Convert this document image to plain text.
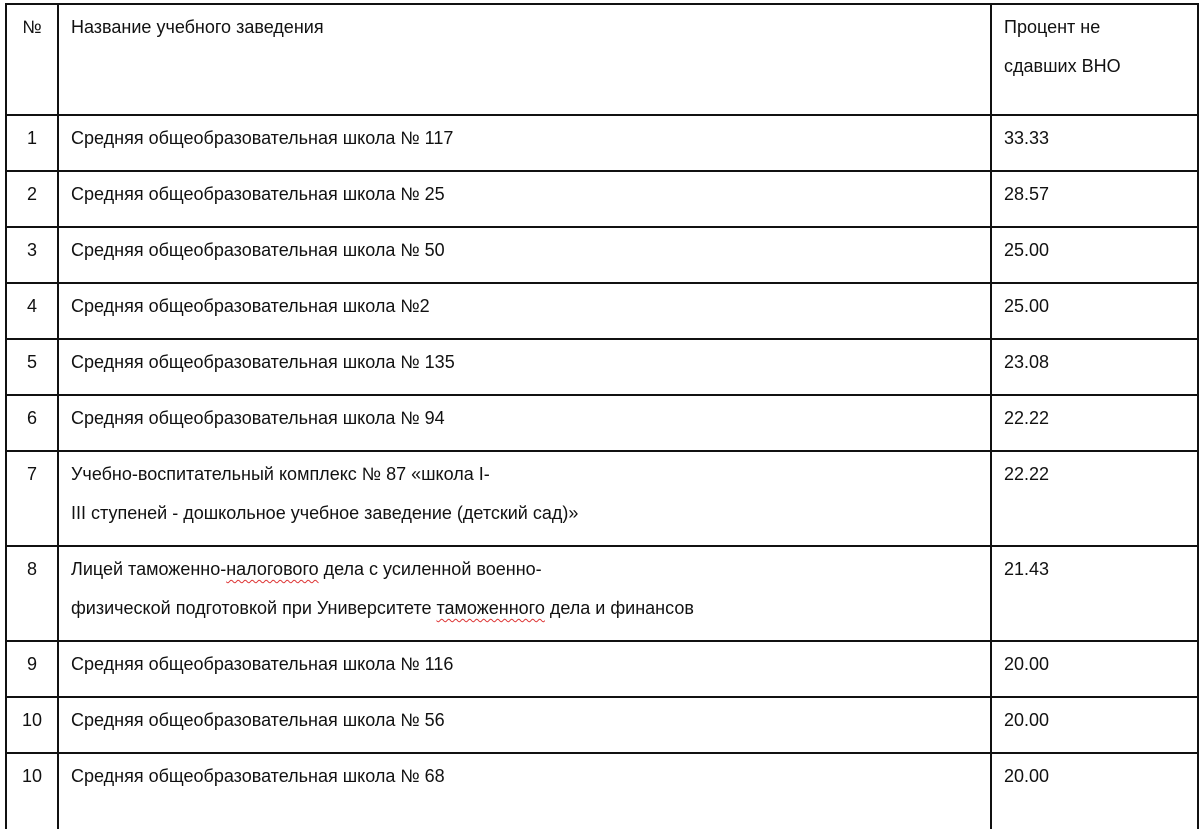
№	Название учебного заведения	Процент не
сдавших ВНО
1	Средняя общеобразовательная школа № 117	33.33
2	Средняя общеобразовательная школа № 25	28.57
3	Средняя общеобразовательная школа № 50	25.00
4	Средняя общеобразовательная школа №2	25.00
5	Средняя общеобразовательная школа № 135	23.08
6	Средняя общеобразовательная школа № 94	22.22
7	Учебно-воспитательный комплекс № 87 «школа I-
III ступеней - дошкольное учебное заведение (детский сад)»	22.22
8	Лицей таможенно-налогового дела с усиленной военно-
физической подготовкой при Университете таможенного дела и финансов	21.43
9	Средняя общеобразовательная школа № 116	20.00
10	Средняя общеобразовательная школа № 56	20.00
10	Средняя общеобразовательная школа № 68	20.00
